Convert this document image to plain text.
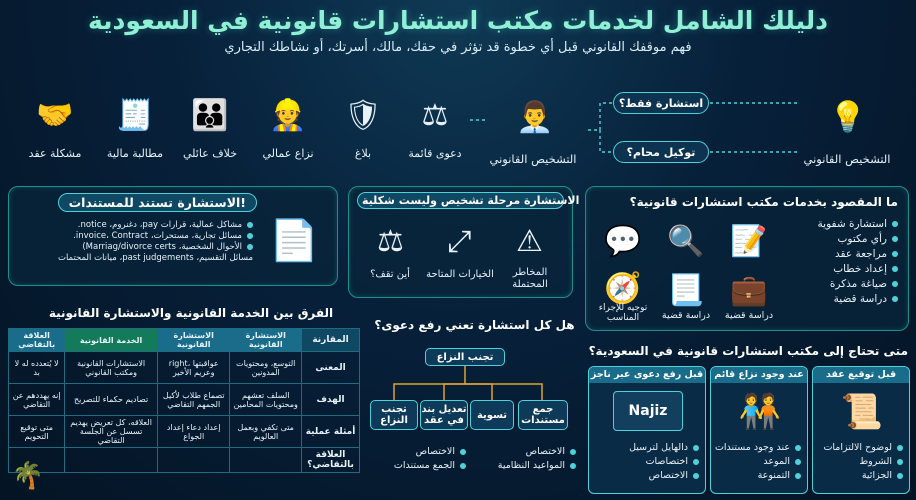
دليلك الشامل لخدمات مكتب استشارات قانونية في السعودية
فهم موقفك القانوني قبل أي خطوة قد تؤثر في حقك، مالك، أسرتك، أو نشاطك التجاري
🤝
مشكلة عقد
🧾
مطالبة مالية
👪
خلاف عائلي
👷
نزاع عمالي
🛡
بلاغ
⚖
دعوى قائمة
👨‍💼
التشخيص القانوني
استشارة فقط؟
توكيل محام؟
💡
التشخيص القانوني
الاستشارة تستند للمستندات!
📄
مشاكل عمالية، قرارات pay، دغنروم، notice.
مسائل تجارية، مستحرات، invoice، Contract.
الأحوال الشخصية، Marriag/divorce certs)
مسائل التقسيم، past judgements، ميانات المحتمات
الاستشارة مرحلة تشخيص وليست شكلية
⚠
المخاطر المحتملة
⤢
الخيارات المتاحة
⚖
أين تقف؟
ما المقصود بخدمات مكتب استشارات قانونية؟
استشارة شفوية
رأي مكتوب
مراجعة عقد
إعداد خطاب
صياغة مذكرة
دراسة قضية
💬 🔍 📝
💼
دراسة قضية
📃
دراسة قضية
🧭
توجيه للإجراء المناسب
الفرق بين الخدمة القانونية والاستشارة القانونية
المقارنة	الاستشارة القانونية	الاستشارة القانونية	الخدمة القانونية	العلاقة بالتقاضي
المعنى	التوسع، ومحتويات المدونين	عواقبتها ،right وعريم الأخير	الاستشارات القانونية ومكتب القانوني	لا يُتعدده له لا بد
الهدف	السلف تعشهم ومحتويات المحامين	تصماع طلاب لأكيل الجمهم التقاضي	تصاديم حكماء للتصريح	إنه يهددهم عن التقاضي
أمثلة عملية	متى تكفي وبعمل العالويم	إعداد دعاء إعداد الجواع	العلاقه، كل تعريض يهديم تسسل عن الجلسة التقاضي	متى توقيع التحويم
العلاقة بالتقاضي؟				
🌴
هل كل استشارة تعني رفع دعوى؟
تجنب النزاع
تجنب النزاع
تعديل بند في عقد	تسوية	جمع مستندات
الاختصاص
المواعيد النظامية
الاختصاص
الجمع مستندات
متى تحتاج إلى مكتب استشارات قانونية في السعودية؟
قبل توقيع عقد
📜
لوضوح الالتزامات
الشروط
الجزائية
عند وجود نزاع قائم
🧑‍🤝‍🧑
عند وجود مستندات
الموعد
التمنوعة
قبل رفع دعوى عبر ناجز
Najiz
دالهايل لترسيل
اختصاصات
الاختصاص
